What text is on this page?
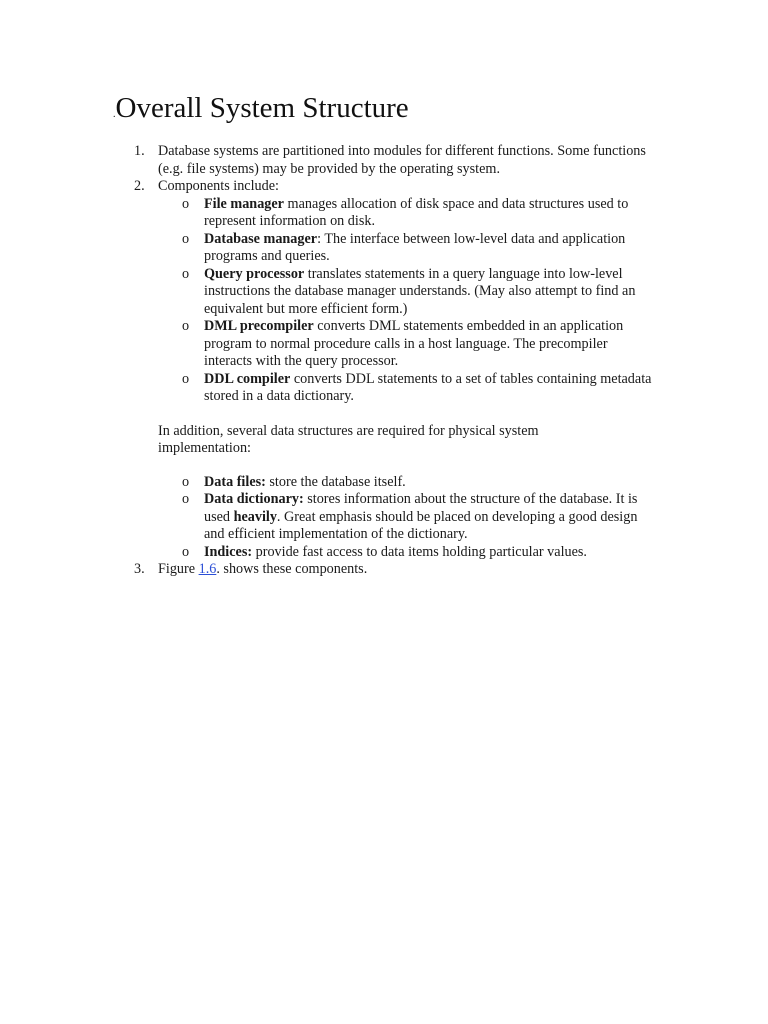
.Overall System Structure
1. Database systems are partitioned into modules for different functions. Some functions (e.g. file systems) may be provided by the operating system.
2. Components include:
o File manager manages allocation of disk space and data structures used to represent information on disk.
o Database manager: The interface between low-level data and application programs and queries.
o Query processor translates statements in a query language into low-level instructions the database manager understands. (May also attempt to find an equivalent but more efficient form.)
o DML precompiler converts DML statements embedded in an application program to normal procedure calls in a host language. The precompiler interacts with the query processor.
o DDL compiler converts DDL statements to a set of tables containing metadata stored in a data dictionary.

In addition, several data structures are required for physical system implementation:

o Data files: store the database itself.
o Data dictionary: stores information about the structure of the database. It is used heavily. Great emphasis should be placed on developing a good design and efficient implementation of the dictionary.
o Indices: provide fast access to data items holding particular values.
3. Figure 1.6. shows these components.
